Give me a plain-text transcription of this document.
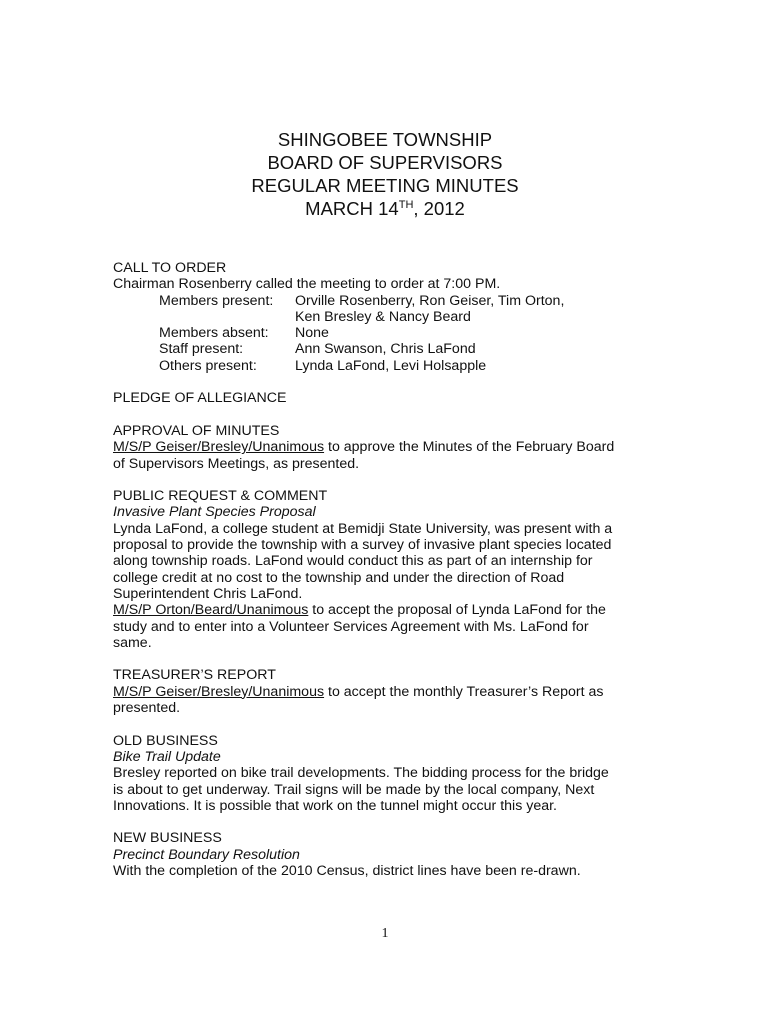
SHINGOBEE TOWNSHIP
BOARD OF SUPERVISORS
REGULAR MEETING MINUTES
MARCH 14TH, 2012

CALL TO ORDER

Chairman Rosenberry called the meeting to order at 7:00 PM.

Members present:	Orville Rosenberry, Ron Geiser, Tim Orton,
Ken Bresley & Nancy Beard
Members absent:	None
Staff present:	Ann Swanson, Chris LaFond
Others present:	Lynda LaFond, Levi Holsapple

PLEDGE OF ALLEGIANCE

APPROVAL OF MINUTES

M/S/P Geiser/Bresley/Unanimous to approve the Minutes of the February Board

of Supervisors Meetings, as presented.

PUBLIC REQUEST & COMMENT

Invasive Plant Species Proposal

Lynda LaFond, a college student at Bemidji State University, was present with a

proposal to provide the township with a survey of invasive plant species located

along township roads. LaFond would conduct this as part of an internship for

college credit at no cost to the township and under the direction of Road

Superintendent Chris LaFond.

M/S/P Orton/Beard/Unanimous to accept the proposal of Lynda LaFond for the

study and to enter into a Volunteer Services Agreement with Ms. LaFond for

same.

TREASURER’S REPORT

M/S/P Geiser/Bresley/Unanimous to accept the monthly Treasurer’s Report as

presented.

OLD BUSINESS

Bike Trail Update

Bresley reported on bike trail developments. The bidding process for the bridge

is about to get underway. Trail signs will be made by the local company, Next

Innovations. It is possible that work on the tunnel might occur this year.

NEW BUSINESS

Precinct Boundary Resolution

With the completion of the 2010 Census, district lines have been re-drawn.

1
